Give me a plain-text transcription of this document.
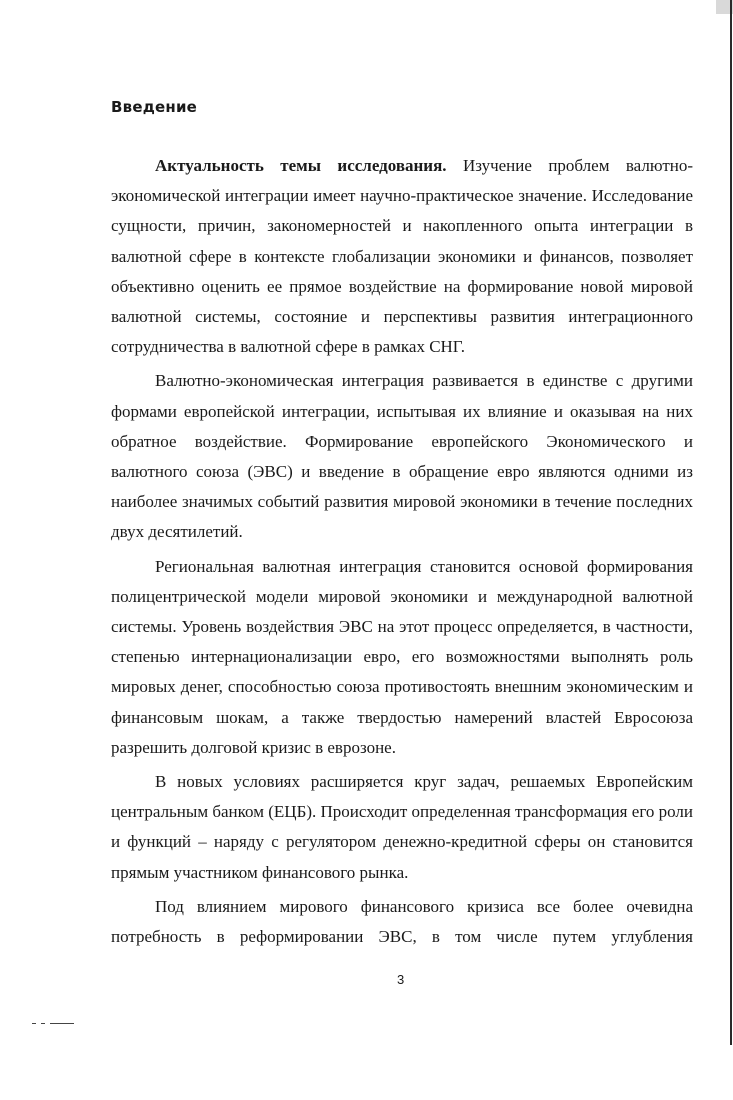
Введение

Актуальность темы исследования. Изучение проблем валютно-экономической интеграции имеет научно-практическое значение. Исследование сущности, причин, закономерностей и накопленного опыта интеграции в валютной сфере в контексте глобализации экономики и финансов, позволяет объективно оценить ее прямое воздействие на формирование новой мировой валютной системы, состояние и перспективы развития интеграционного сотрудничества в валютной сфере в рамках СНГ.

Валютно-экономическая интеграция развивается в единстве с другими формами европейской интеграции, испытывая их влияние и оказывая на них обратное воздействие. Формирование европейского Экономического и валютного союза (ЭВС) и введение в обращение евро являются одними из наиболее значимых событий развития мировой экономики в течение последних двух десятилетий.

Региональная валютная интеграция становится основой формирования полицентрической модели мировой экономики и международной валютной системы. Уровень воздействия ЭВС на этот процесс определяется, в частности, степенью интернационализации евро, его возможностями выполнять роль мировых денег, способностью союза противостоять внешним экономическим и финансовым шокам, а также твердостью намерений властей Евросоюза разрешить долговой кризис в еврозоне.

В новых условиях расширяется круг задач, решаемых Европейским центральным банком (ЕЦБ). Происходит определенная трансформация его роли и функций – наряду с регулятором денежно-кредитной сферы он становится прямым участником финансового рынка.

Под влиянием мирового финансового кризиса все более очевидна потребность в реформировании ЭВС, в том числе путем углубления

3
